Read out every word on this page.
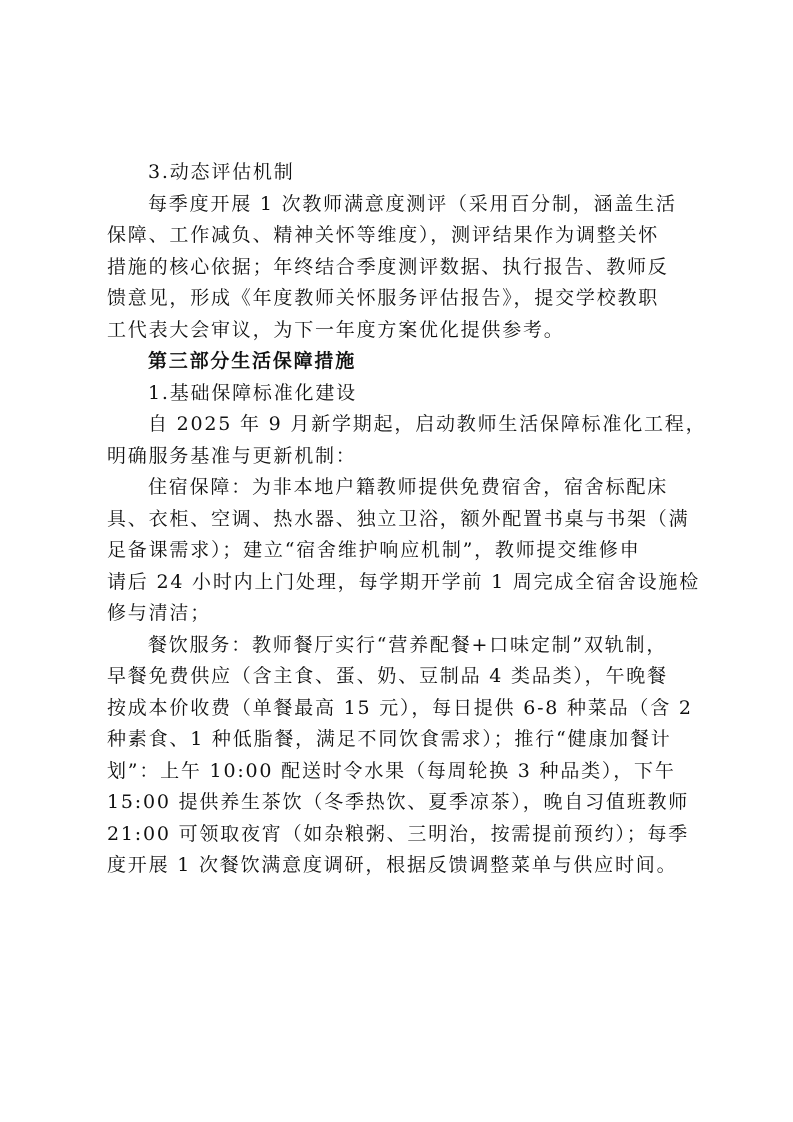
3.动态评估机制
每季度开展 1 次教师满意度测评（采用百分制，涵盖生活
保障、工作减负、精神关怀等维度），测评结果作为调整关怀
措施的核心依据；年终结合季度测评数据、执行报告、教师反
馈意见，形成《年度教师关怀服务评估报告》，提交学校教职
工代表大会审议，为下一年度方案优化提供参考。
第三部分生活保障措施
1.基础保障标准化建设
自 2025 年 9 月新学期起，启动教师生活保障标准化工程，
明确服务基准与更新机制：
住宿保障：为非本地户籍教师提供免费宿舍，宿舍标配床
具、衣柜、空调、热水器、独立卫浴，额外配置书桌与书架（满
足备课需求）；建立“宿舍维护响应机制”，教师提交维修申
请后 24 小时内上门处理，每学期开学前 1 周完成全宿舍设施检
修与清洁；
餐饮服务：教师餐厅实行“营养配餐+口味定制”双轨制，
早餐免费供应（含主食、蛋、奶、豆制品 4 类品类），午晚餐
按成本价收费（单餐最高 15 元），每日提供 6-8 种菜品（含 2
种素食、1 种低脂餐，满足不同饮食需求）；推行“健康加餐计
划”：上午 10:00 配送时令水果（每周轮换 3 种品类），下午
15:00 提供养生茶饮（冬季热饮、夏季凉茶），晚自习值班教师
21:00 可领取夜宵（如杂粮粥、三明治，按需提前预约）；每季
度开展 1 次餐饮满意度调研，根据反馈调整菜单与供应时间。
